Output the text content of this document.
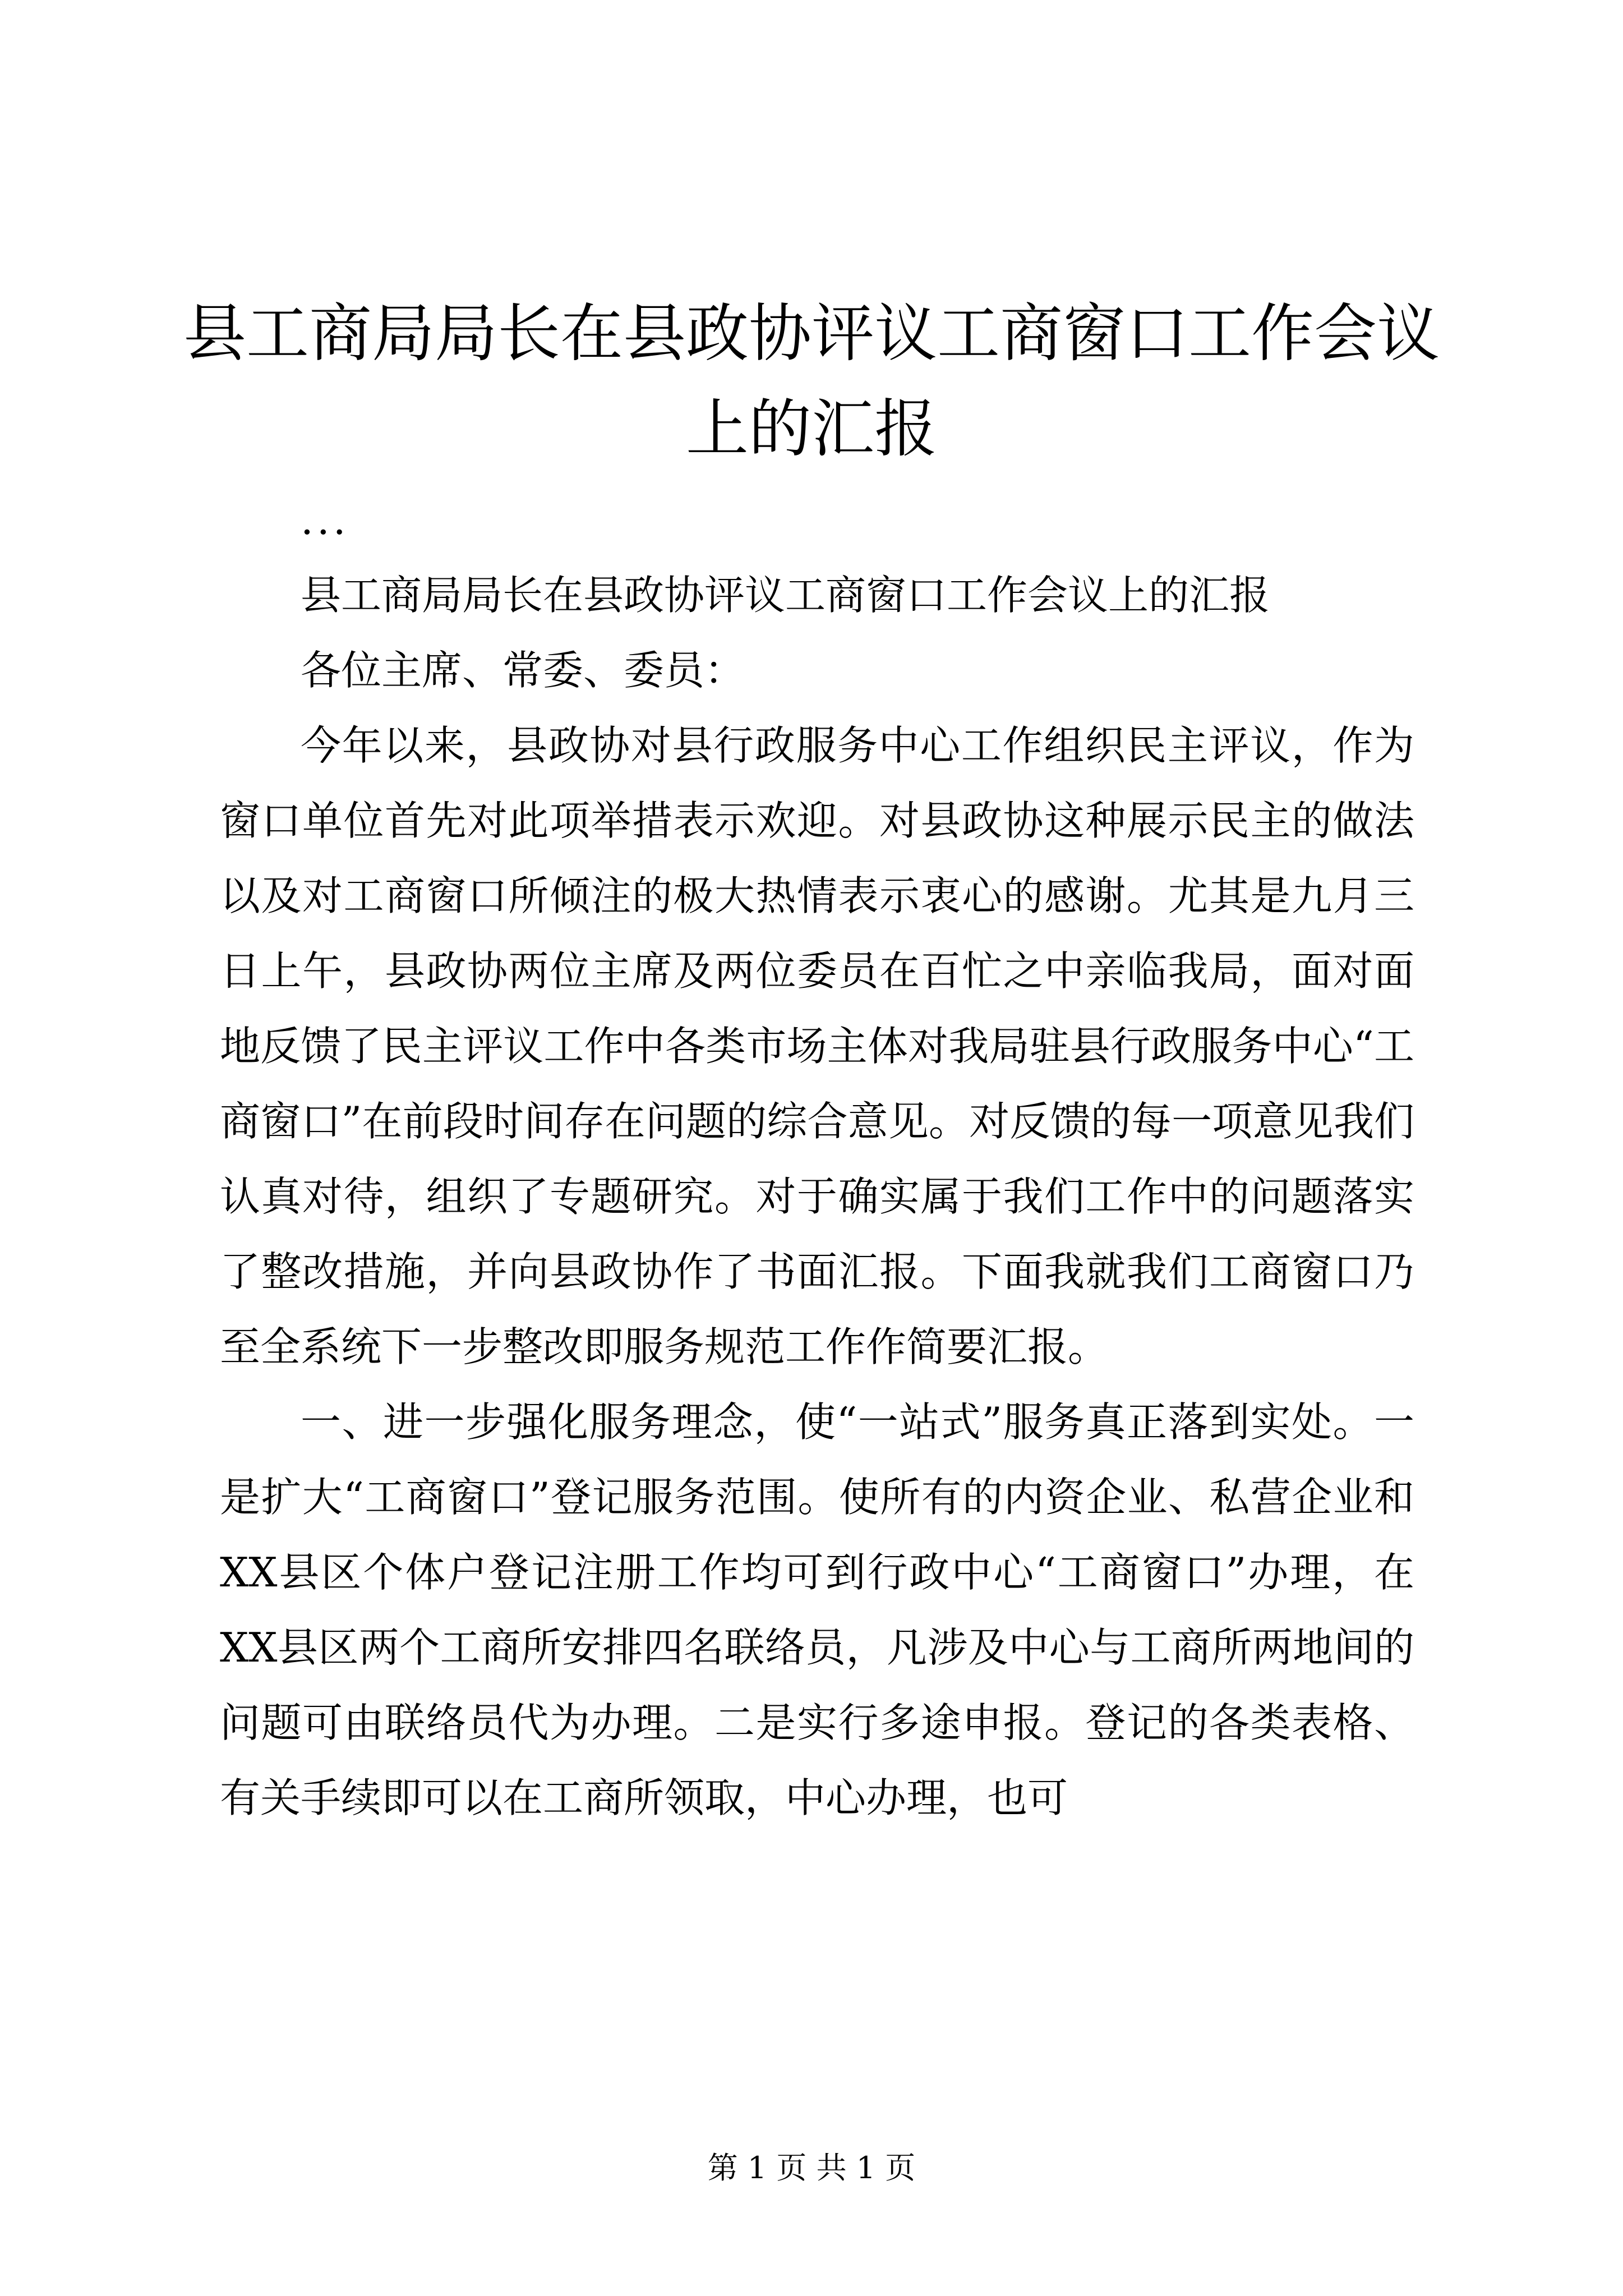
县工商局局长在县政协评议工商窗口工作会议上的汇报

...

县工商局局长在县政协评议工商窗口工作会议上的汇报

各位主席、常委、委员：

今年以来，县政协对县行政服务中心工作组织民主评议，作为窗口单位首先对此项举措表示欢迎。对县政协这种展示民主的做法以及对工商窗口所倾注的极大热情表示衷心的感谢。尤其是九月三日上午，县政协两位主席及两位委员在百忙之中亲临我局，面对面地反馈了民主评议工作中各类市场主体对我局驻县行政服务中心“工商窗口”在前段时间存在问题的综合意见。对反馈的每一项意见我们认真对待，组织了专题研究。对于确实属于我们工作中的问题落实了整改措施，并向县政协作了书面汇报。下面我就我们工商窗口乃至全系统下一步整改即服务规范工作作简要汇报。

一、进一步强化服务理念，使“一站式”服务真正落到实处。一是扩大“工商窗口”登记服务范围。使所有的内资企业、私营企业和XX县区个体户登记注册工作均可到行政中心“工商窗口”办理，在XX县区两个工商所安排四名联络员，凡涉及中心与工商所两地间的问题可由联络员代为办理。二是实行多途申报。登记的各类表格、有关手续即可以在工商所领取，中心办理，也可

第 1 页 共 1 页
